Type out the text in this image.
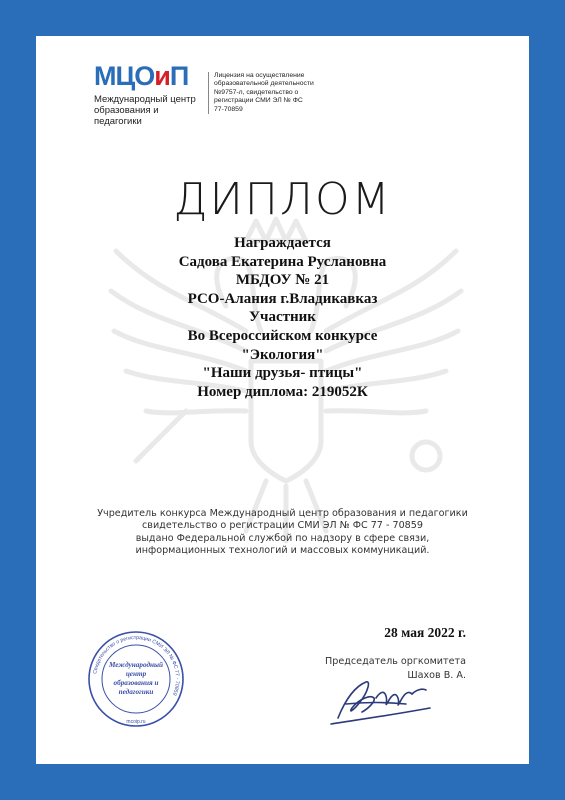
МЦОиП
Международный центр
образования и педагогики
Лицензия на осуществление
образовательной деятельности
№9757-л, свидетельство о
регистрации СМИ ЭЛ № ФС
77-70859
ДИПЛОМ
Награждается
Садова Екатерина Руслановна
МБДОУ № 21
РСО-Алания г.Владикавказ
Участник
Во Всероссийском конкурсе
"Экология"
"Наши друзья- птицы"
Номер диплома: 219052К
Учредитель конкурса Международный центр образования и педагогики
свидетельство о регистрации СМИ ЭЛ № ФС 77 - 70859
выдано Федеральной службой по надзору в сфере связи,
информационных технологий и массовых коммуникаций.
28 мая 2022 г.
Председатель оргкомитета
Шахов В. А.
Свидетельство о регистрации СМИ ЭЛ № ФС 77 - 70859
Международный
центр
образования и
педагогики
mcoip.ru
